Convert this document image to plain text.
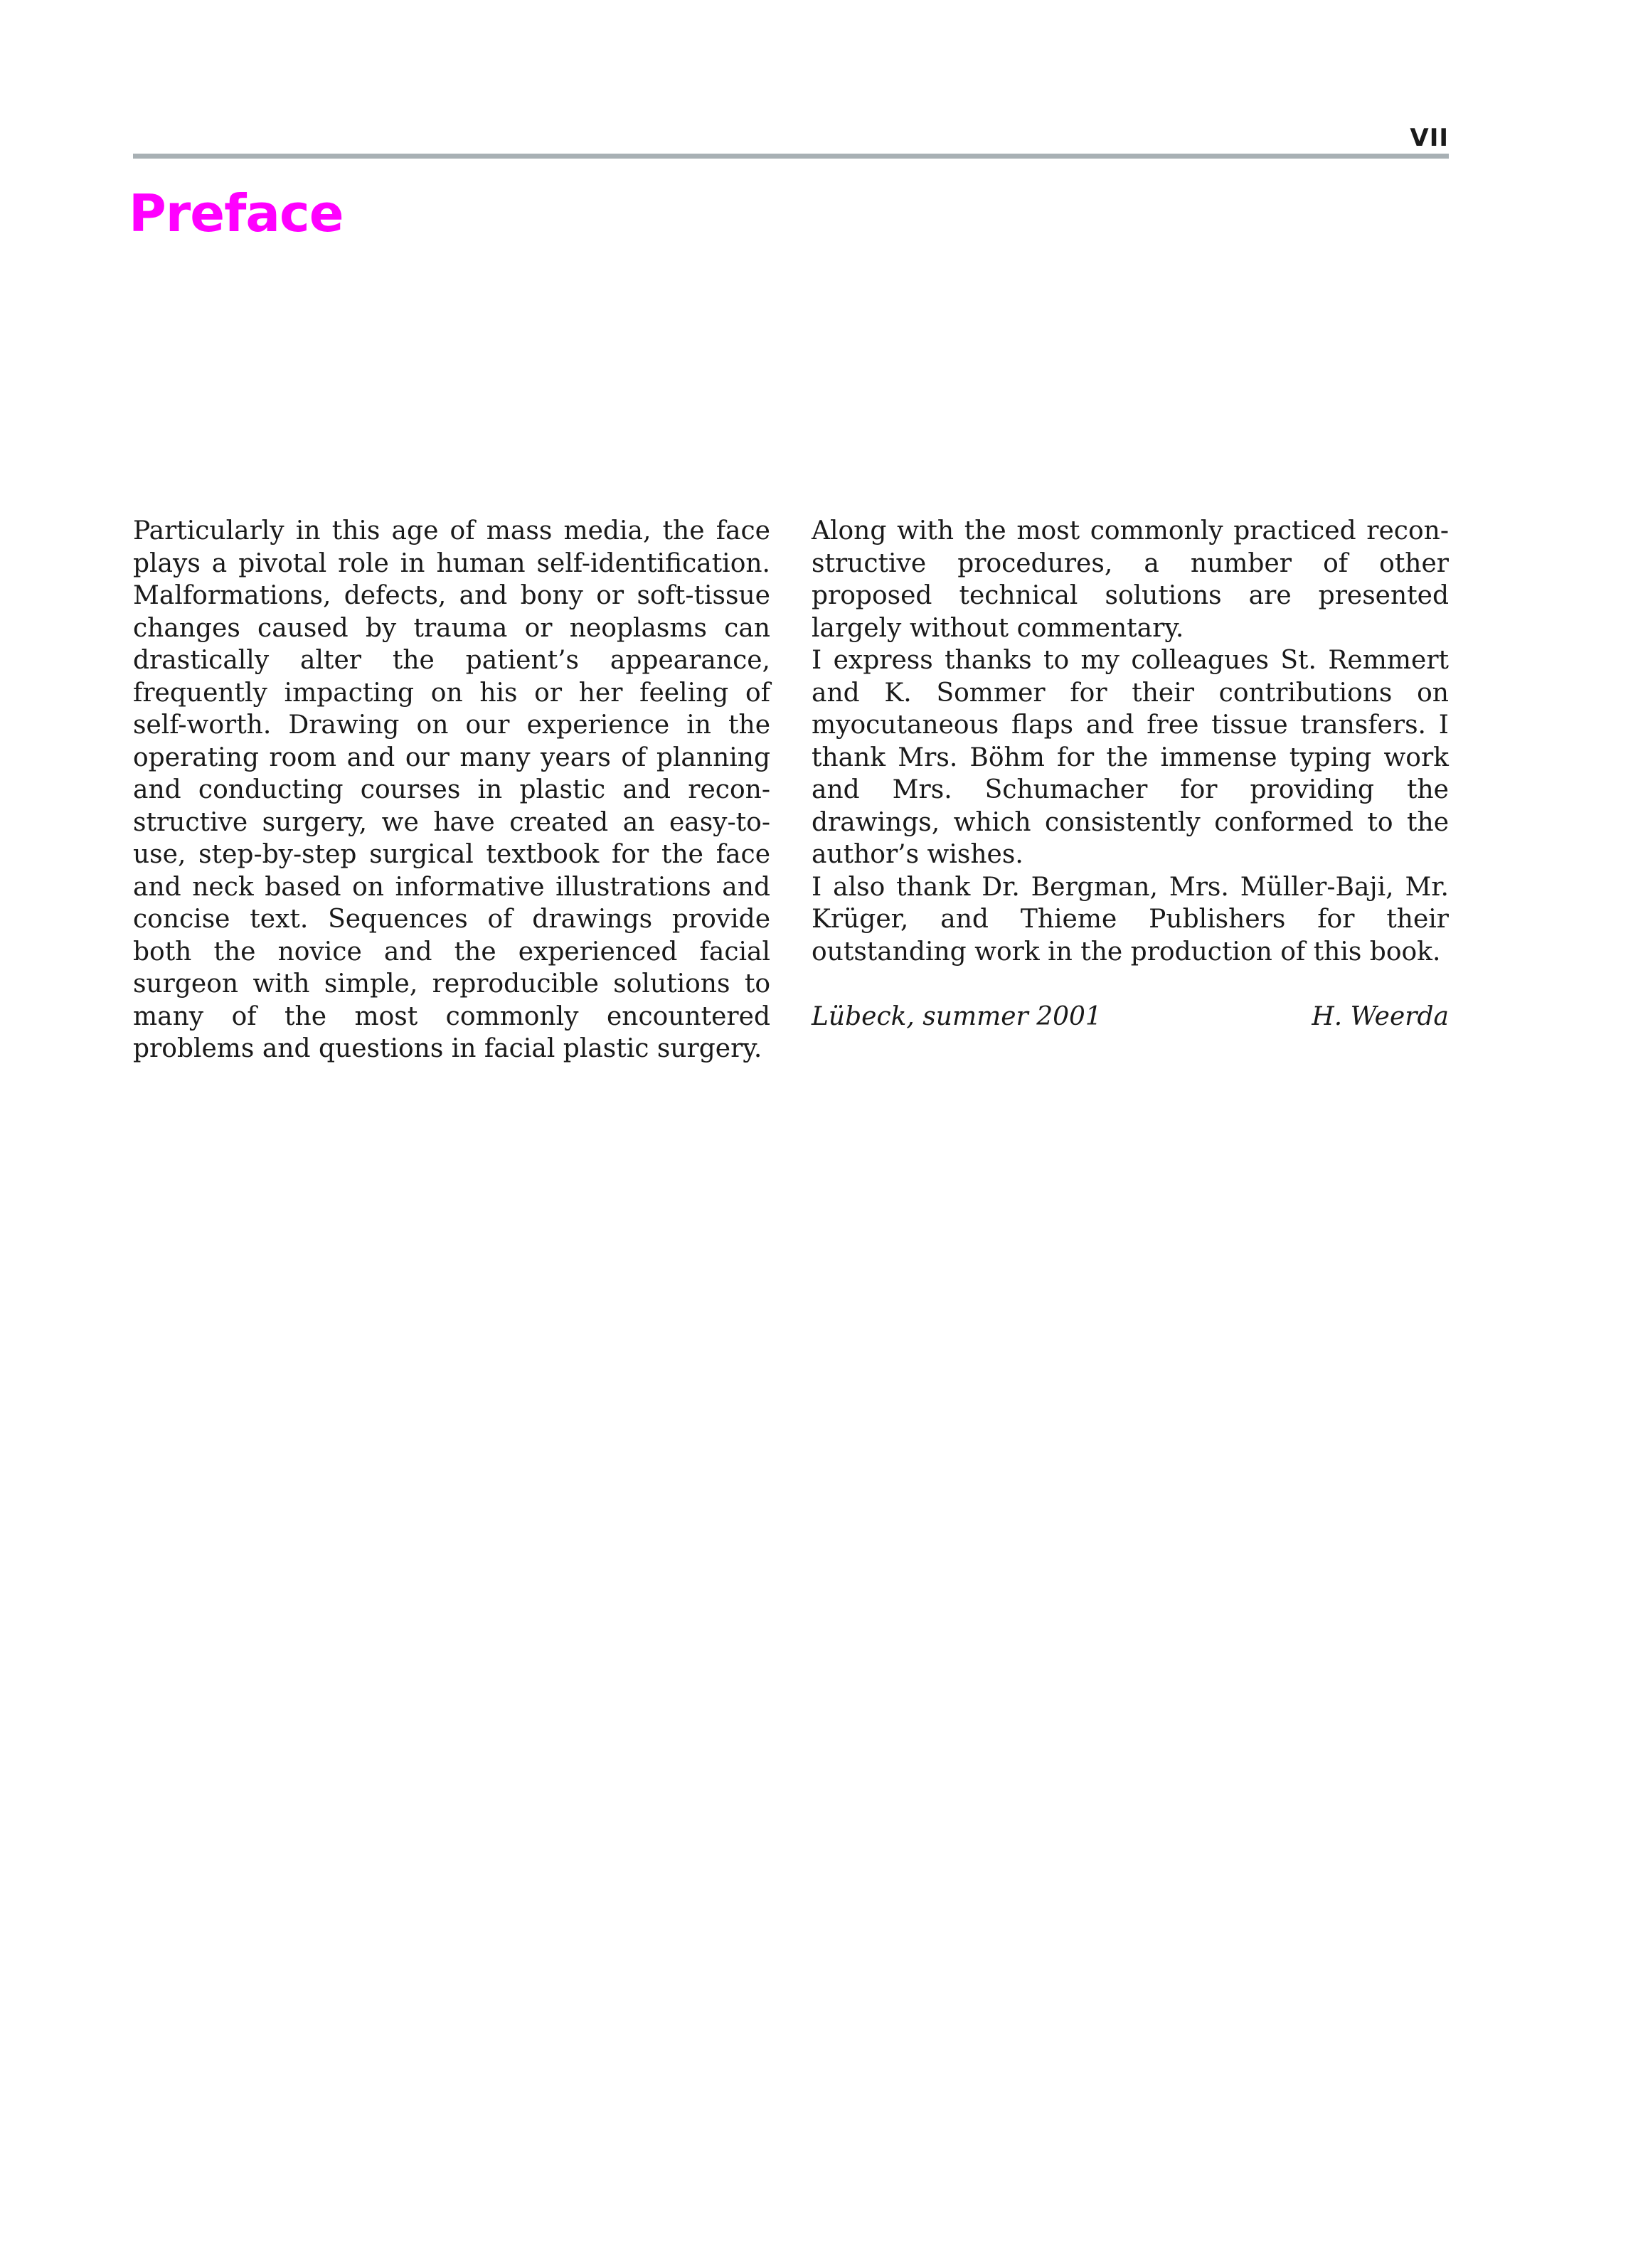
VII
Preface

Particularly in this age of mass media, the face plays a pivotal role in human self-identification. Malformations, defects, and bony or soft-tissue changes caused by trauma or neoplasms can drastically alter the patient’s appearance, frequently impacting on his or her feeling of self-worth. Drawing on our experience in the operating room and our many years of planning and conducting courses in plastic and reconstructive surgery, we have created an easy-to-use, step-by-step surgical textbook for the face and neck based on informative illustrations and concise text. Sequences of drawings provide both the novice and the experienced facial surgeon with simple, reproducible solutions to many of the most commonly encountered problems and questions in facial plastic surgery.

Along with the most commonly practiced reconstructive procedures, a number of other proposed technical solutions are presented largely without commentary.

I express thanks to my colleagues St. Remmert and K. Sommer for their contributions on myocutaneous flaps and free tissue transfers. I thank Mrs. Böhm for the immense typing work and Mrs. Schumacher for providing the drawings, which consistently conformed to the author’s wishes.

I also thank Dr. Bergman, Mrs. Müller-Baji, Mr. Krüger, and Thieme Publishers for their outstanding work in the production of this book.

Lübeck, summer 2001	H. Weerda
